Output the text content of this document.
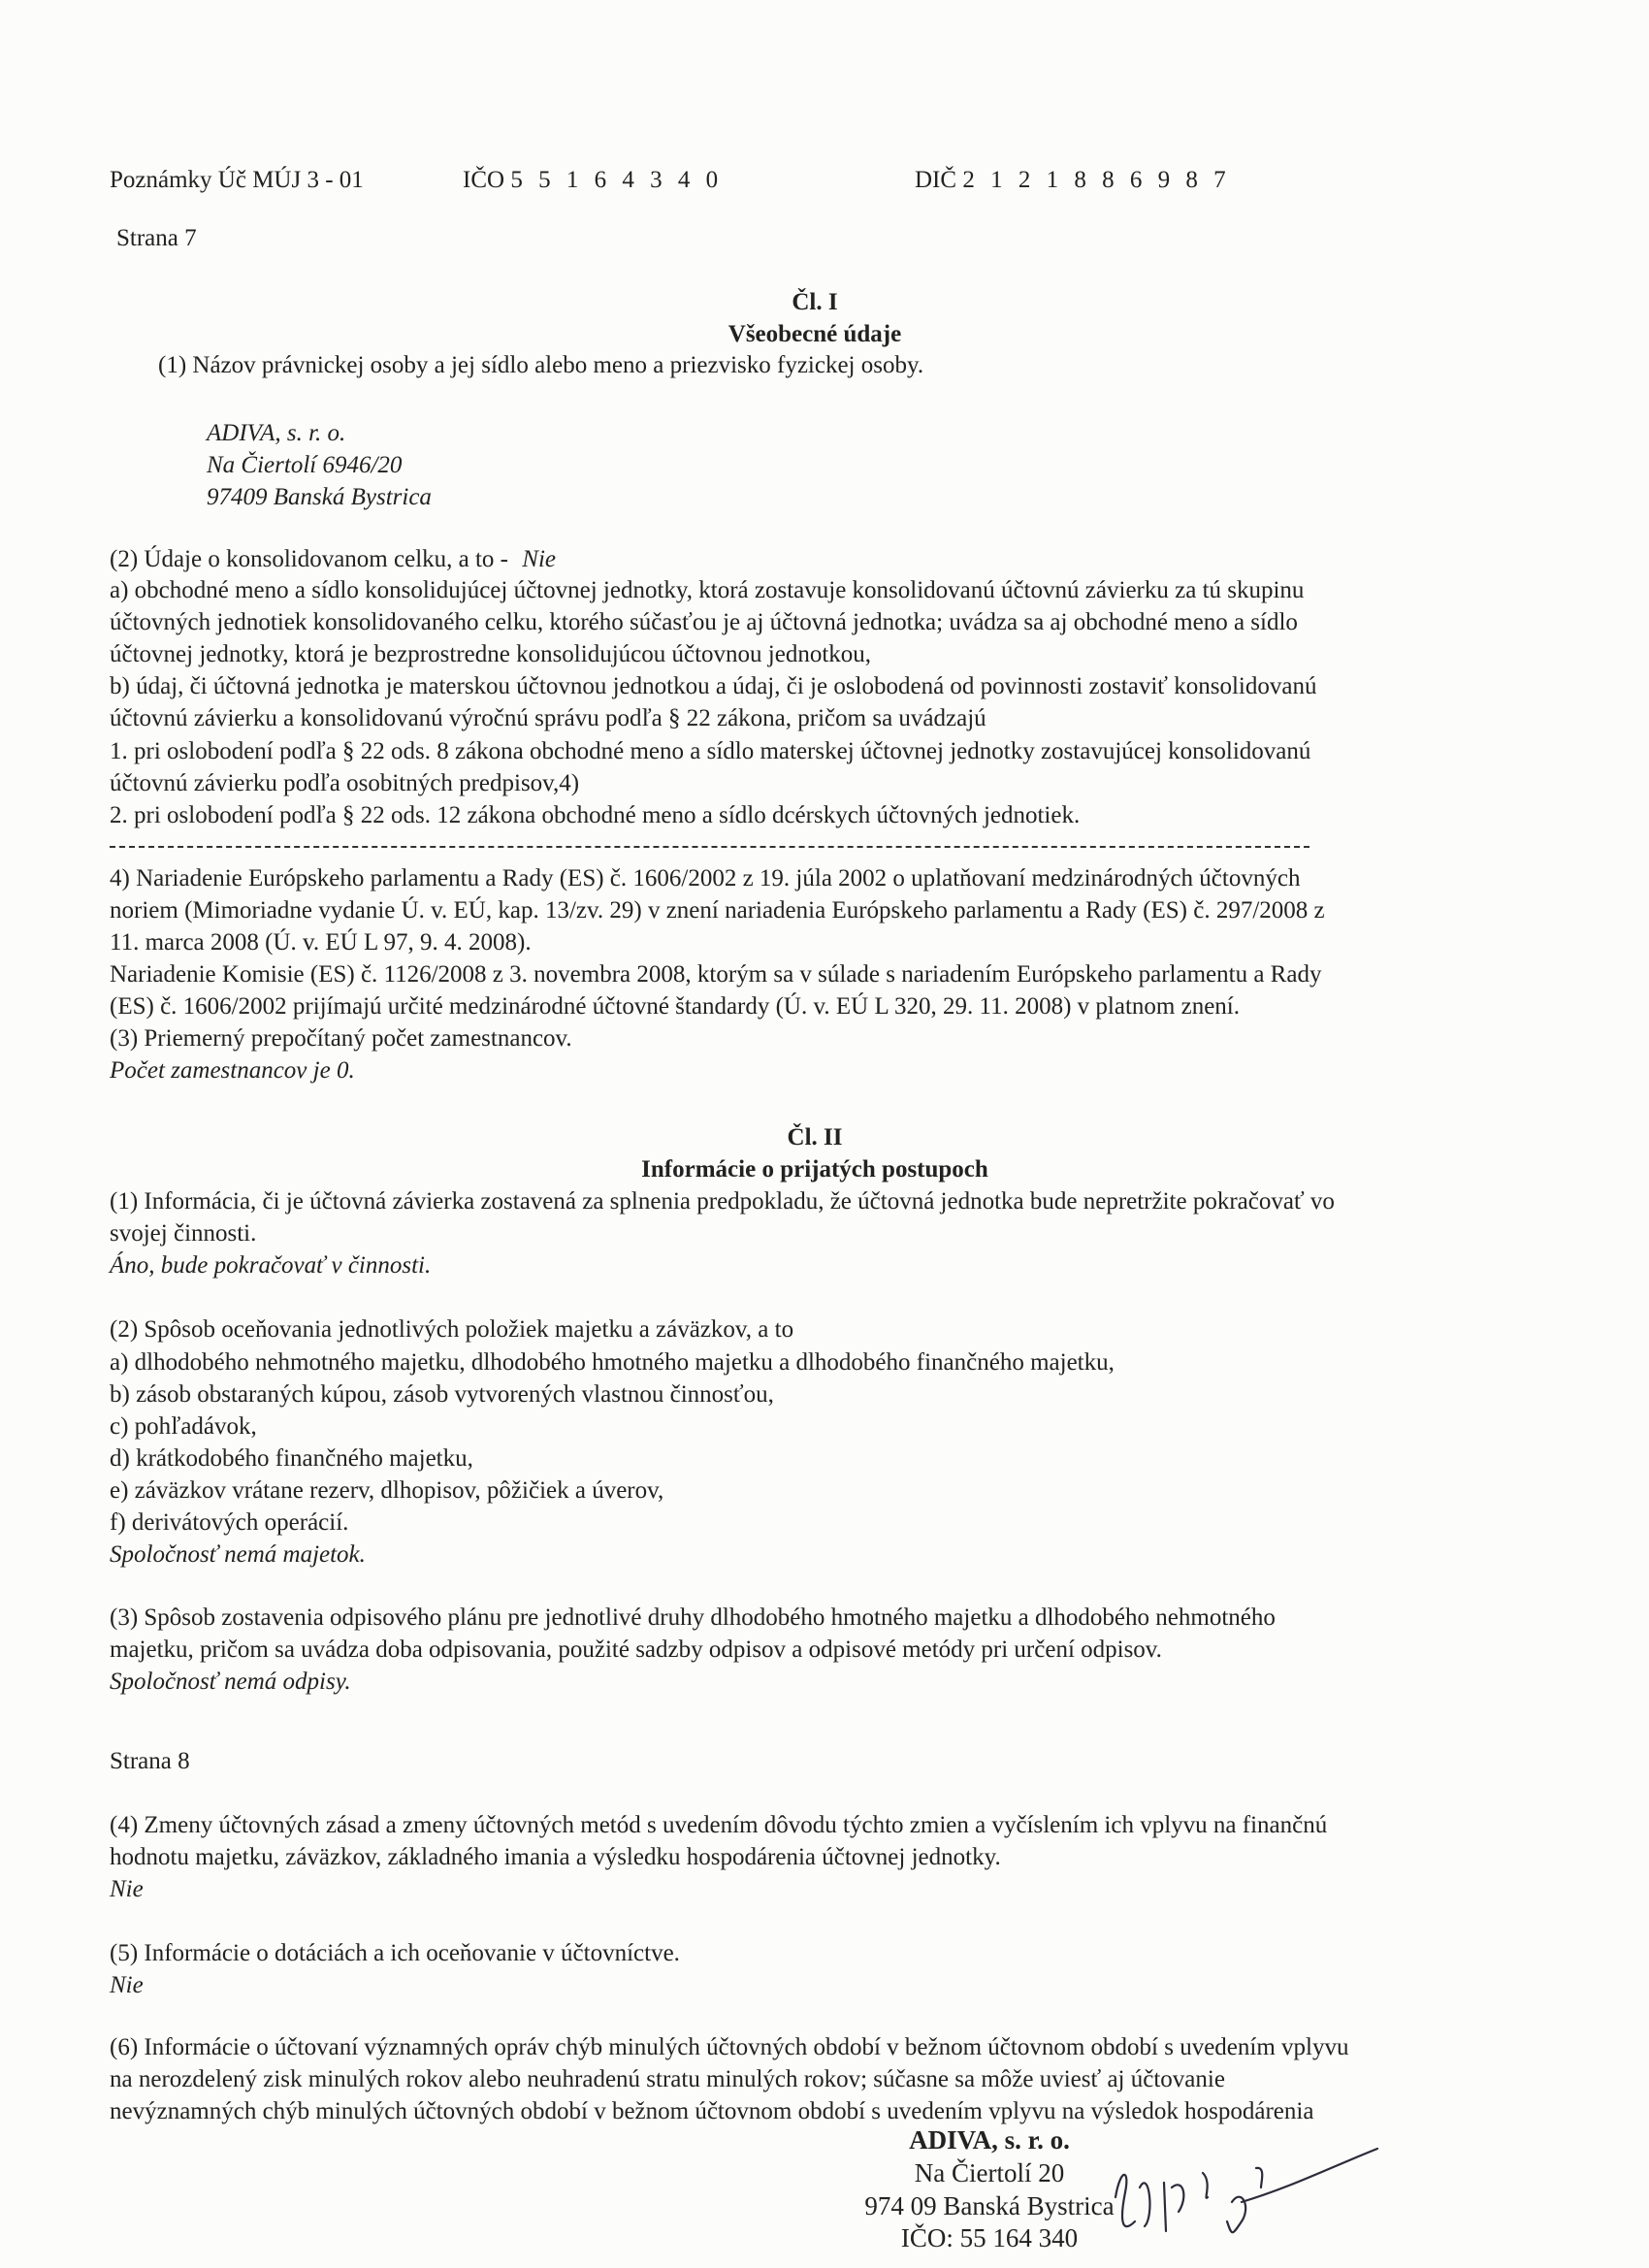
Poznámky Úč MÚJ 3 - 01	IČO 5 5 1 6 4 3 4 0	DIČ 2 1 2 1 8 8 6 9 8 7
Strana 7
Čl. I
Všeobecné údaje
(1) Názov právnickej osoby a jej sídlo alebo meno a priezvisko fyzickej osoby.
ADIVA, s. r. o.
Na Čiertolí 6946/20
97409 Banská Bystrica
(2) Údaje o konsolidovanom celku, a to - Nie
a) obchodné meno a sídlo konsolidujúcej účtovnej jednotky, ktorá zostavuje konsolidovanú účtovnú závierku za tú skupinu
účtovných jednotiek konsolidovaného celku, ktorého súčasťou je aj účtovná jednotka; uvádza sa aj obchodné meno a sídlo
účtovnej jednotky, ktorá je bezprostredne konsolidujúcou účtovnou jednotkou,
b) údaj, či účtovná jednotka je materskou účtovnou jednotkou a údaj, či je oslobodená od povinnosti zostaviť konsolidovanú
účtovnú závierku a konsolidovanú výročnú správu podľa § 22 zákona, pričom sa uvádzajú
1. pri oslobodení podľa § 22 ods. 8 zákona obchodné meno a sídlo materskej účtovnej jednotky zostavujúcej konsolidovanú
účtovnú závierku podľa osobitných predpisov,4)
2. pri oslobodení podľa § 22 ods. 12 zákona obchodné meno a sídlo dcérskych účtovných jednotiek.
4) Nariadenie Európskeho parlamentu a Rady (ES) č. 1606/2002 z 19. júla 2002 o uplatňovaní medzinárodných účtovných
noriem (Mimoriadne vydanie Ú. v. EÚ, kap. 13/zv. 29) v znení nariadenia Európskeho parlamentu a Rady (ES) č. 297/2008 z
11. marca 2008 (Ú. v. EÚ L 97, 9. 4. 2008).
Nariadenie Komisie (ES) č. 1126/2008 z 3. novembra 2008, ktorým sa v súlade s nariadením Európskeho parlamentu a Rady
(ES) č. 1606/2002 prijímajú určité medzinárodné účtovné štandardy (Ú. v. EÚ L 320, 29. 11. 2008) v platnom znení.
(3) Priemerný prepočítaný počet zamestnancov.
Počet zamestnancov je 0.
Čl. II
Informácie o prijatých postupoch
(1) Informácia, či je účtovná závierka zostavená za splnenia predpokladu, že účtovná jednotka bude nepretržite pokračovať vo
svojej činnosti.
Áno, bude pokračovať v činnosti.
(2) Spôsob oceňovania jednotlivých položiek majetku a záväzkov, a to
a) dlhodobého nehmotného majetku, dlhodobého hmotného majetku a dlhodobého finančného majetku,
b) zásob obstaraných kúpou, zásob vytvorených vlastnou činnosťou,
c) pohľadávok,
d) krátkodobého finančného majetku,
e) záväzkov vrátane rezerv, dlhopisov, pôžičiek a úverov,
f) derivátových operácií.
Spoločnosť nemá majetok.
(3) Spôsob zostavenia odpisového plánu pre jednotlivé druhy dlhodobého hmotného majetku a dlhodobého nehmotného
majetku, pričom sa uvádza doba odpisovania, použité sadzby odpisov a odpisové metódy pri určení odpisov.
Spoločnosť nemá odpisy.
Strana 8
(4) Zmeny účtovných zásad a zmeny účtovných metód s uvedením dôvodu týchto zmien a vyčíslením ich vplyvu na finančnú
hodnotu majetku, záväzkov, základného imania a výsledku hospodárenia účtovnej jednotky.
Nie
(5) Informácie o dotáciách a ich oceňovanie v účtovníctve.
Nie
(6) Informácie o účtovaní významných opráv chýb minulých účtovných období v bežnom účtovnom období s uvedením vplyvu
na nerozdelený zisk minulých rokov alebo neuhradenú stratu minulých rokov; súčasne sa môže uviesť aj účtovanie
nevýznamných chýb minulých účtovných období v bežnom účtovnom období s uvedením vplyvu na výsledok hospodárenia
ADIVA, s. r. o.
Na Čiertolí 20
974 09 Banská Bystrica
IČO: 55 164 340
